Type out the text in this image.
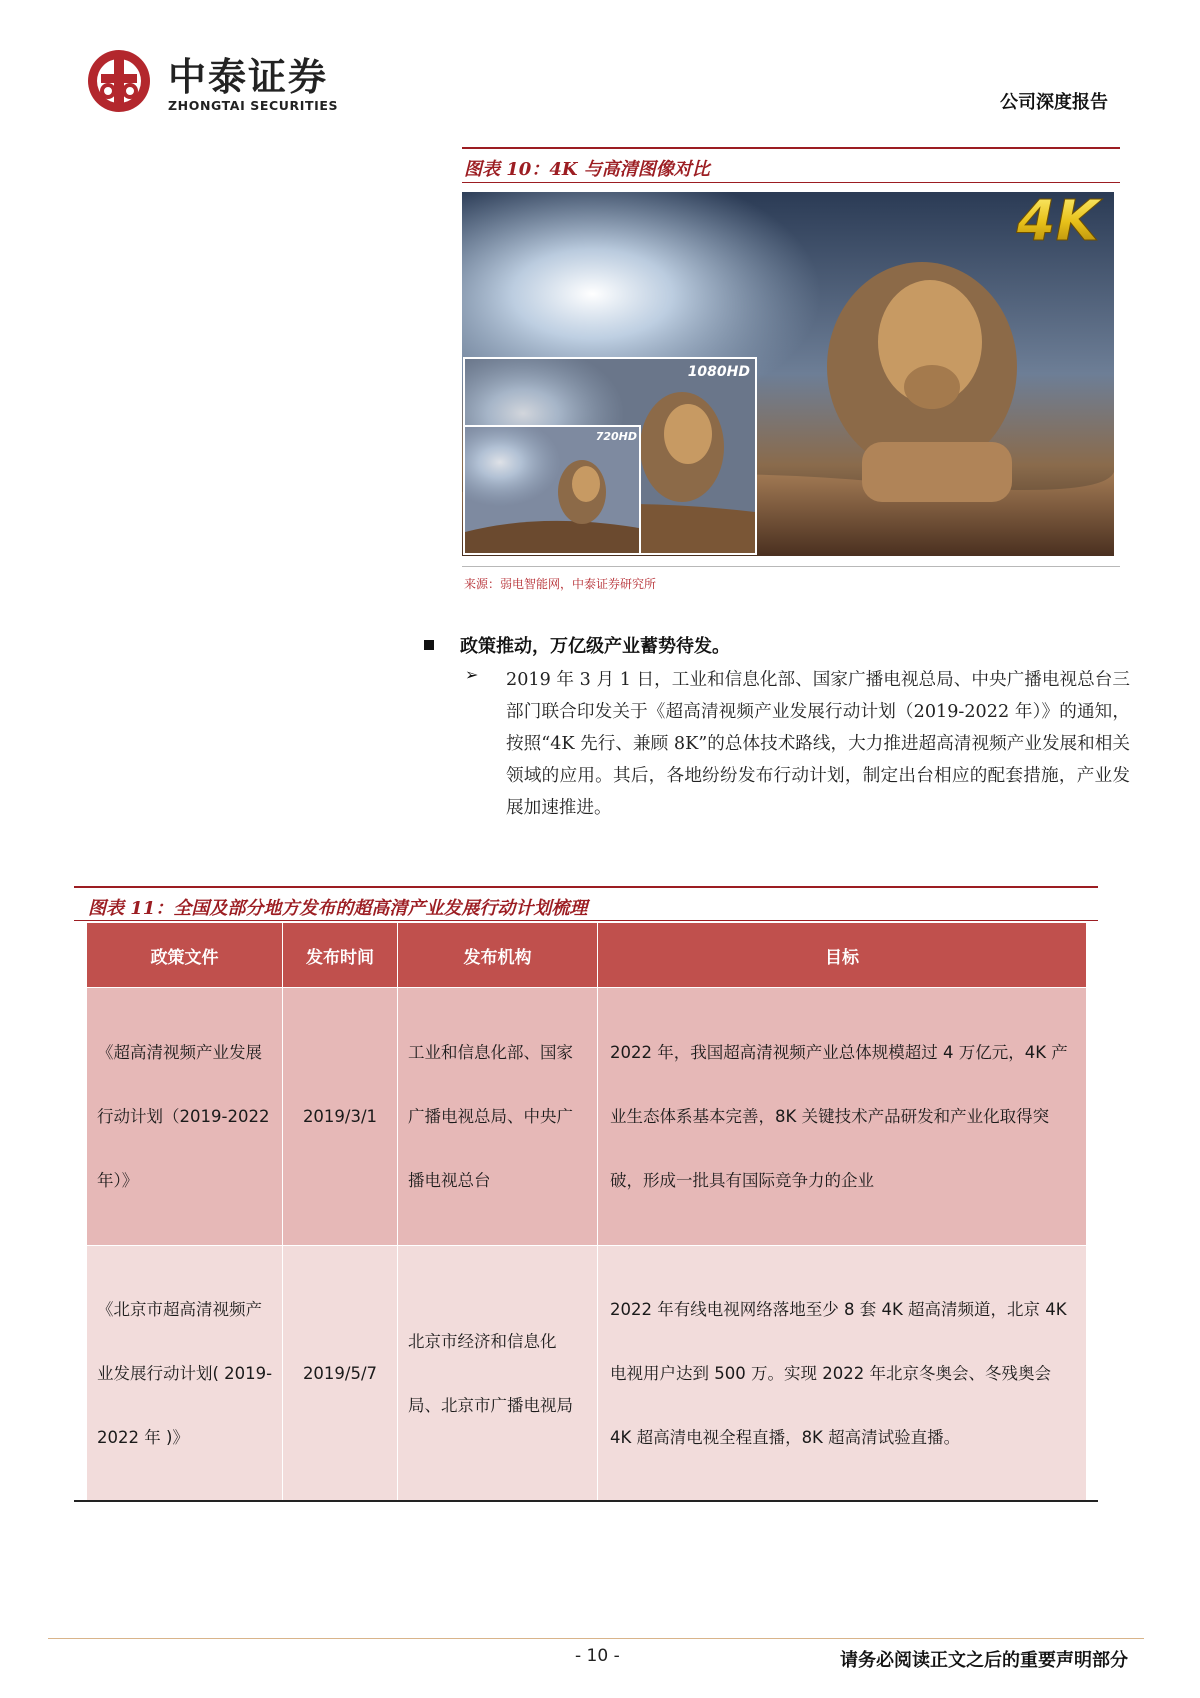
中泰证券
ZHONGTAI SECURITIES	公司深度报告
图表 10：4K 与高清图像对比
4K
1080HD
720HD
来源：弱电智能网，中泰证券研究所
政策推动，万亿级产业蓄势待发。
➢ 2019 年 3 月 1 日，工业和信息化部、国家广播电视总局、中央广播电视总台三部门联合印发关于《超高清视频产业发展行动计划（2019-2022 年）》的通知，按照“4K 先行、兼顾 8K”的总体技术路线，大力推进超高清视频产业发展和相关领域的应用。其后，各地纷纷发布行动计划，制定出台相应的配套措施，产业发展加速推进。
图表 11：全国及部分地方发布的超高清产业发展行动计划梳理
政策文件	发布时间	发布机构	目标
《超高清视频产业发展行动计划（2019-2022 年）》	2019/3/1	工业和信息化部、国家广播电视总局、中央广播电视总台	2022 年，我国超高清视频产业总体规模超过 4 万亿元，4K 产业生态体系基本完善，8K 关键技术产品研发和产业化取得突破，形成一批具有国际竞争力的企业
《北京市超高清视频产业发展行动计划( 2019-2022 年 )》	2019/5/7	北京市经济和信息化局、北京市广播电视局	2022 年有线电视网络落地至少 8 套 4K 超高清频道，北京 4K 电视用户达到 500 万。实现 2022 年北京冬奥会、冬残奥会 4K 超高清电视全程直播，8K 超高清试验直播。
- 10 -	请务必阅读正文之后的重要声明部分
